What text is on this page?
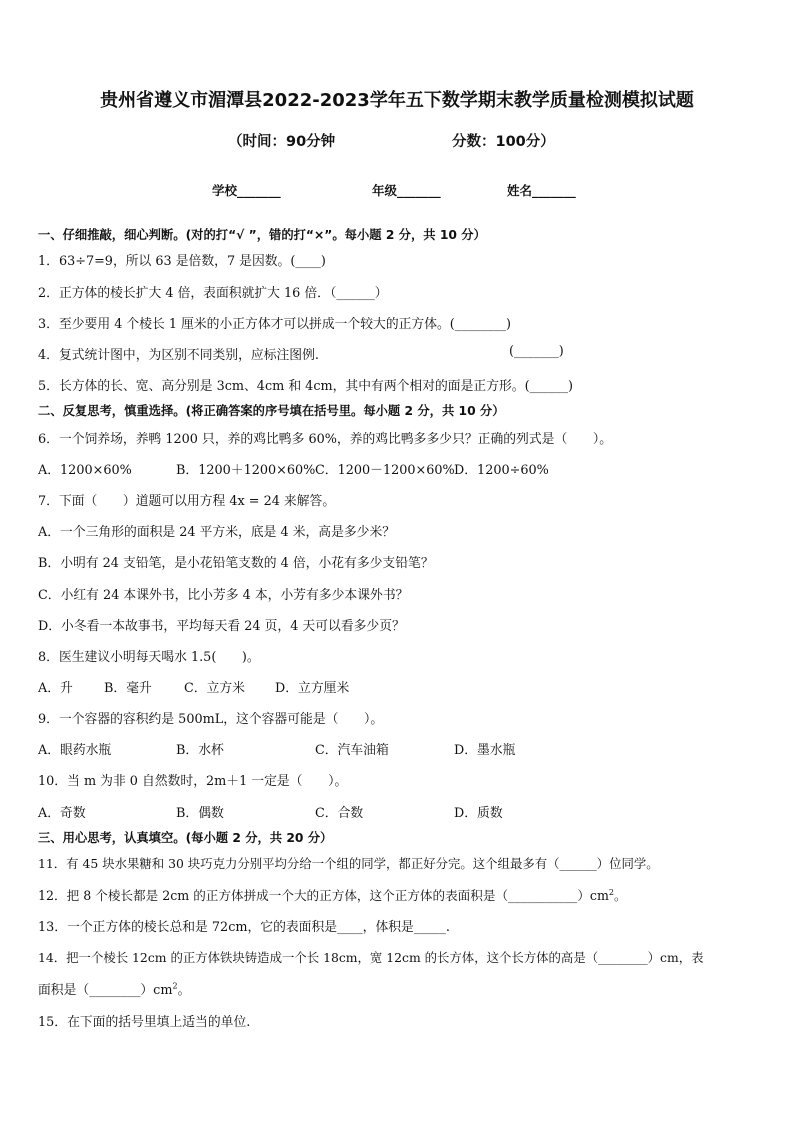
贵州省遵义市湄潭县2022-2023学年五下数学期末教学质量检测模拟试题
（时间：90分钟	分数：100分）
学校_______	年级_______	姓名_______
一、仔细推敲，细心判断。(对的打“√ ”，错的打“×”。每小题 2 分，共 10 分）
1．63÷7=9，所以 63 是倍数，7 是因数。(____)
2．正方体的棱长扩大 4 倍，表面积就扩大 16 倍．（______）
3．至少要用 4 个棱长 1 厘米的小正方体才可以拼成一个较大的正方体。(________)
4．复式统计图中，为区别不同类别，应标注图例.	(_______)
5．长方体的长、宽、高分别是 3cm、4cm 和 4cm，其中有两个相对的面是正方形。(______)
二、反复思考，慎重选择。(将正确答案的序号填在括号里。每小题 2 分，共 10 分）
6．一个饲养场，养鸭 1200 只，养的鸡比鸭多 60%，养的鸡比鸭多多少只？正确的列式是（　　）。
A．1200×60%	B．1200＋1200×60% C．1200－1200×60% D．1200÷60%
7．下面（　　）道题可以用方程 4x = 24 来解答。
A．一个三角形的面积是 24 平方米，底是 4 米，高是多少米？
B．小明有 24 支铅笔，是小花铅笔支数的 4 倍，小花有多少支铅笔？
C．小红有 24 本课外书，比小芳多 4 本，小芳有多少本课外书？
D．小冬看一本故事书，平均每天看 24 页，4 天可以看多少页？
8．医生建议小明每天喝水 1.5(　　)。
A．升 B．毫升	C．立方米 D．立方厘米
9．一个容器的容积约是 500mL，这个容器可能是（　　）。
A．眼药水瓶	B．水杯	C．汽车油箱	D．墨水瓶
10．当 m 为非 0 自然数时，2m＋1 一定是（　　）。
A．奇数	B．偶数	C．合数	D．质数
三、用心思考，认真填空。(每小题 2 分，共 20 分）
11．有 45 块水果糖和 30 块巧克力分别平均分给一个组的同学，都正好分完。这个组最多有（______）位同学。
12．把 8 个棱长都是 2cm 的正方体拼成一个大的正方体，这个正方体的表面积是$(\_\_\_\_\_\_\_\_\_\_\_)cm^2$。
13．一个正方体的棱长总和是 72cm，它的表面积是____，体积是_____.
14．把一个棱长 12cm 的正方体铁块铸造成一个长 18cm，宽 12cm 的长方体，这个长方体的高是（________）cm，表
面积是$(\_\_\_\_\_\_\_\_)cm^2$。
15．在下面的括号里填上适当的单位.
